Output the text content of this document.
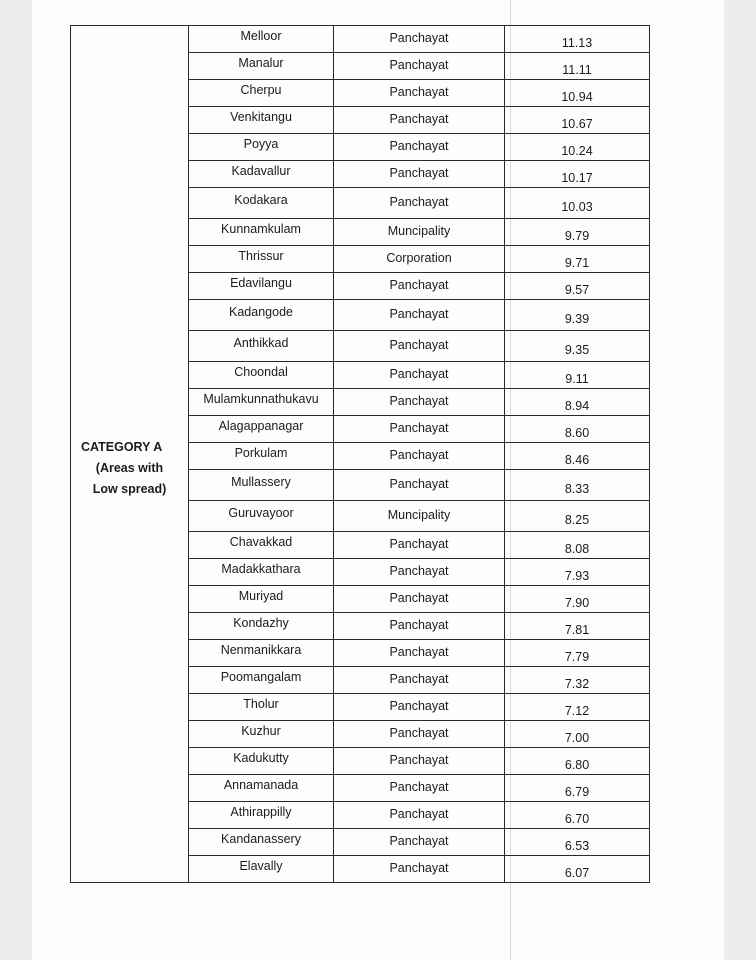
CATEGORY A
(Areas with
Low spread)	Melloor	Panchayat	11.13
	Manalur	Panchayat	11.11
	Cherpu	Panchayat	10.94
	Venkitangu	Panchayat	10.67
	Poyya	Panchayat	10.24
	Kadavallur	Panchayat	10.17
	Kodakara	Panchayat	10.03
	Kunnamkulam	Muncipality	9.79
	Thrissur	Corporation	9.71
	Edavilangu	Panchayat	9.57
	Kadangode	Panchayat	9.39
	Anthikkad	Panchayat	9.35
	Choondal	Panchayat	9.11
	Mulamkunnathukavu	Panchayat	8.94
	Alagappanagar	Panchayat	8.60
	Porkulam	Panchayat	8.46
	Mullassery	Panchayat	8.33
	Guruvayoor	Muncipality	8.25
	Chavakkad	Panchayat	8.08
	Madakkathara	Panchayat	7.93
	Muriyad	Panchayat	7.90
	Kondazhy	Panchayat	7.81
	Nenmanikkara	Panchayat	7.79
	Poomangalam	Panchayat	7.32
	Tholur	Panchayat	7.12
	Kuzhur	Panchayat	7.00
	Kadukutty	Panchayat	6.80
	Annamanada	Panchayat	6.79
	Athirappilly	Panchayat	6.70
	Kandanassery	Panchayat	6.53
	Elavally	Panchayat	6.07
